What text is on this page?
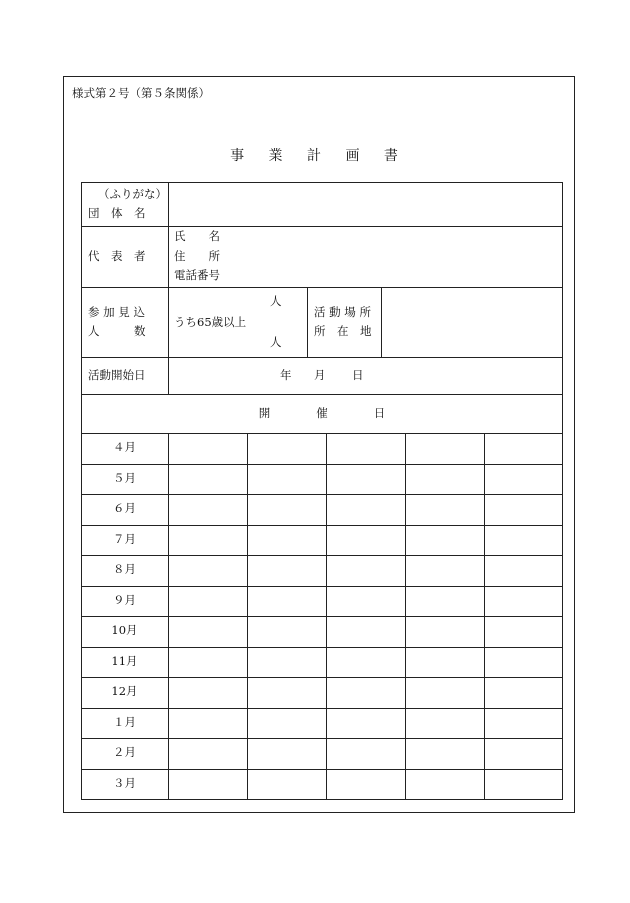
様式第２号（第５条関係）
事 業 計 画 書
４月
５月
６月
７月
８月
９月
10月
11月
12月
１月
２月
３月
（ふりがな）
団　体　名
代　表　者
氏　　名
住　　所
電話番号
参 加 見 込
人　　　数
人
うち65歳以上
人
活 動 場 所
所　在　地
活動開始日	年 月 日
開　　　　催　　　　日
